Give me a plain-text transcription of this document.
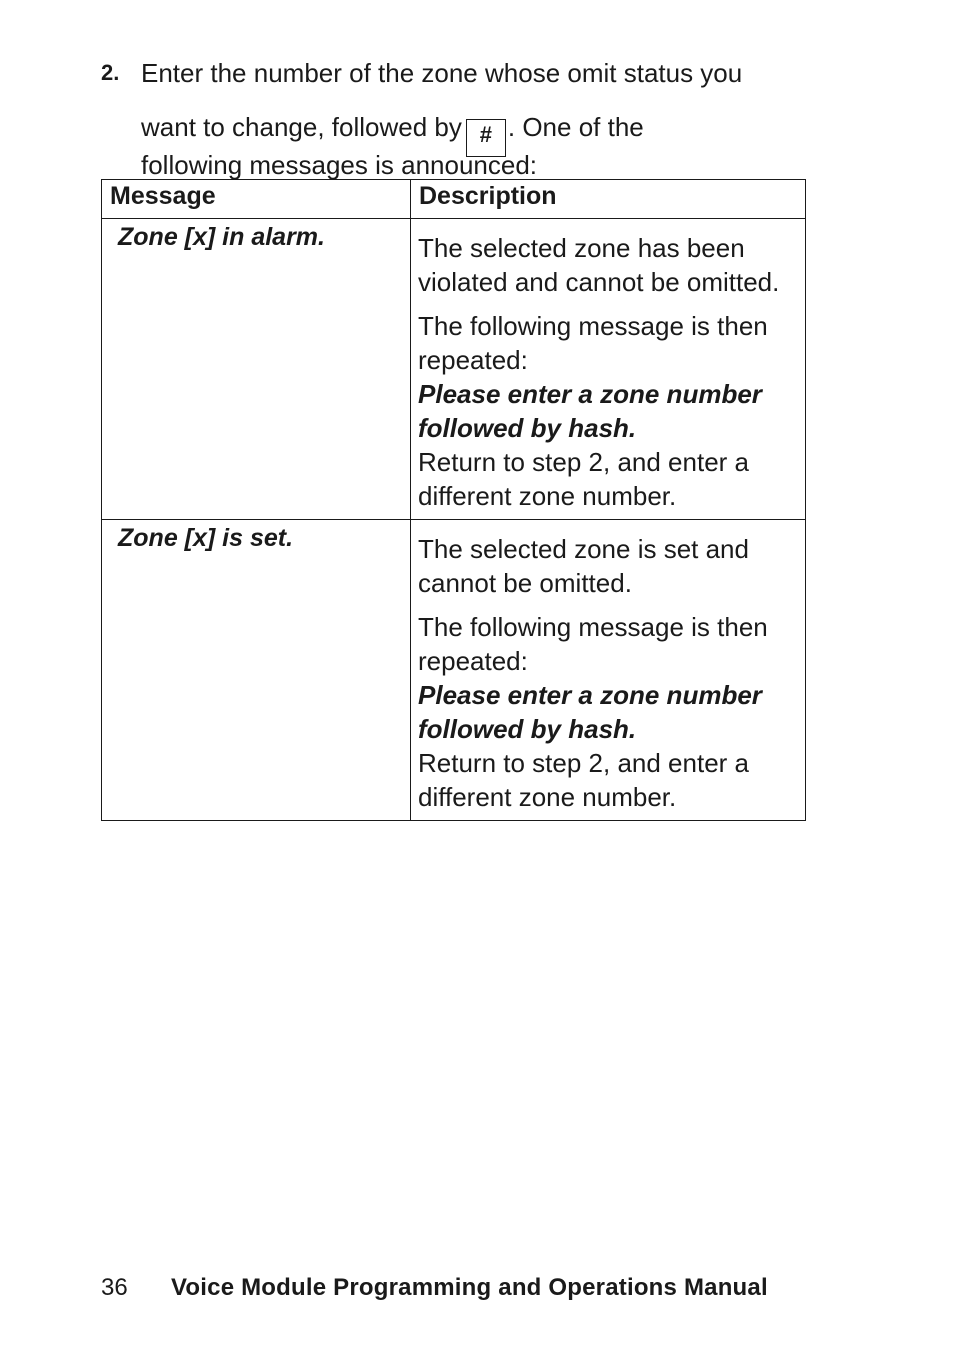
2. Enter the number of the zone whose omit status you
want to change, followed by # . One of the
following messages is announced:
Message	Description
Zone [x] in alarm.	The selected zone has been violated and cannot be omitted.

The following message is then repeated:
Please enter a zone number followed by hash.
Return to step 2, and enter a different zone number.

Zone [x] is set.	The selected zone is set and cannot be omitted.

The following message is then repeated:
Please enter a zone number followed by hash.
Return to step 2, and enter a different zone number.

36 Voice Module Programming and Operations Manual
